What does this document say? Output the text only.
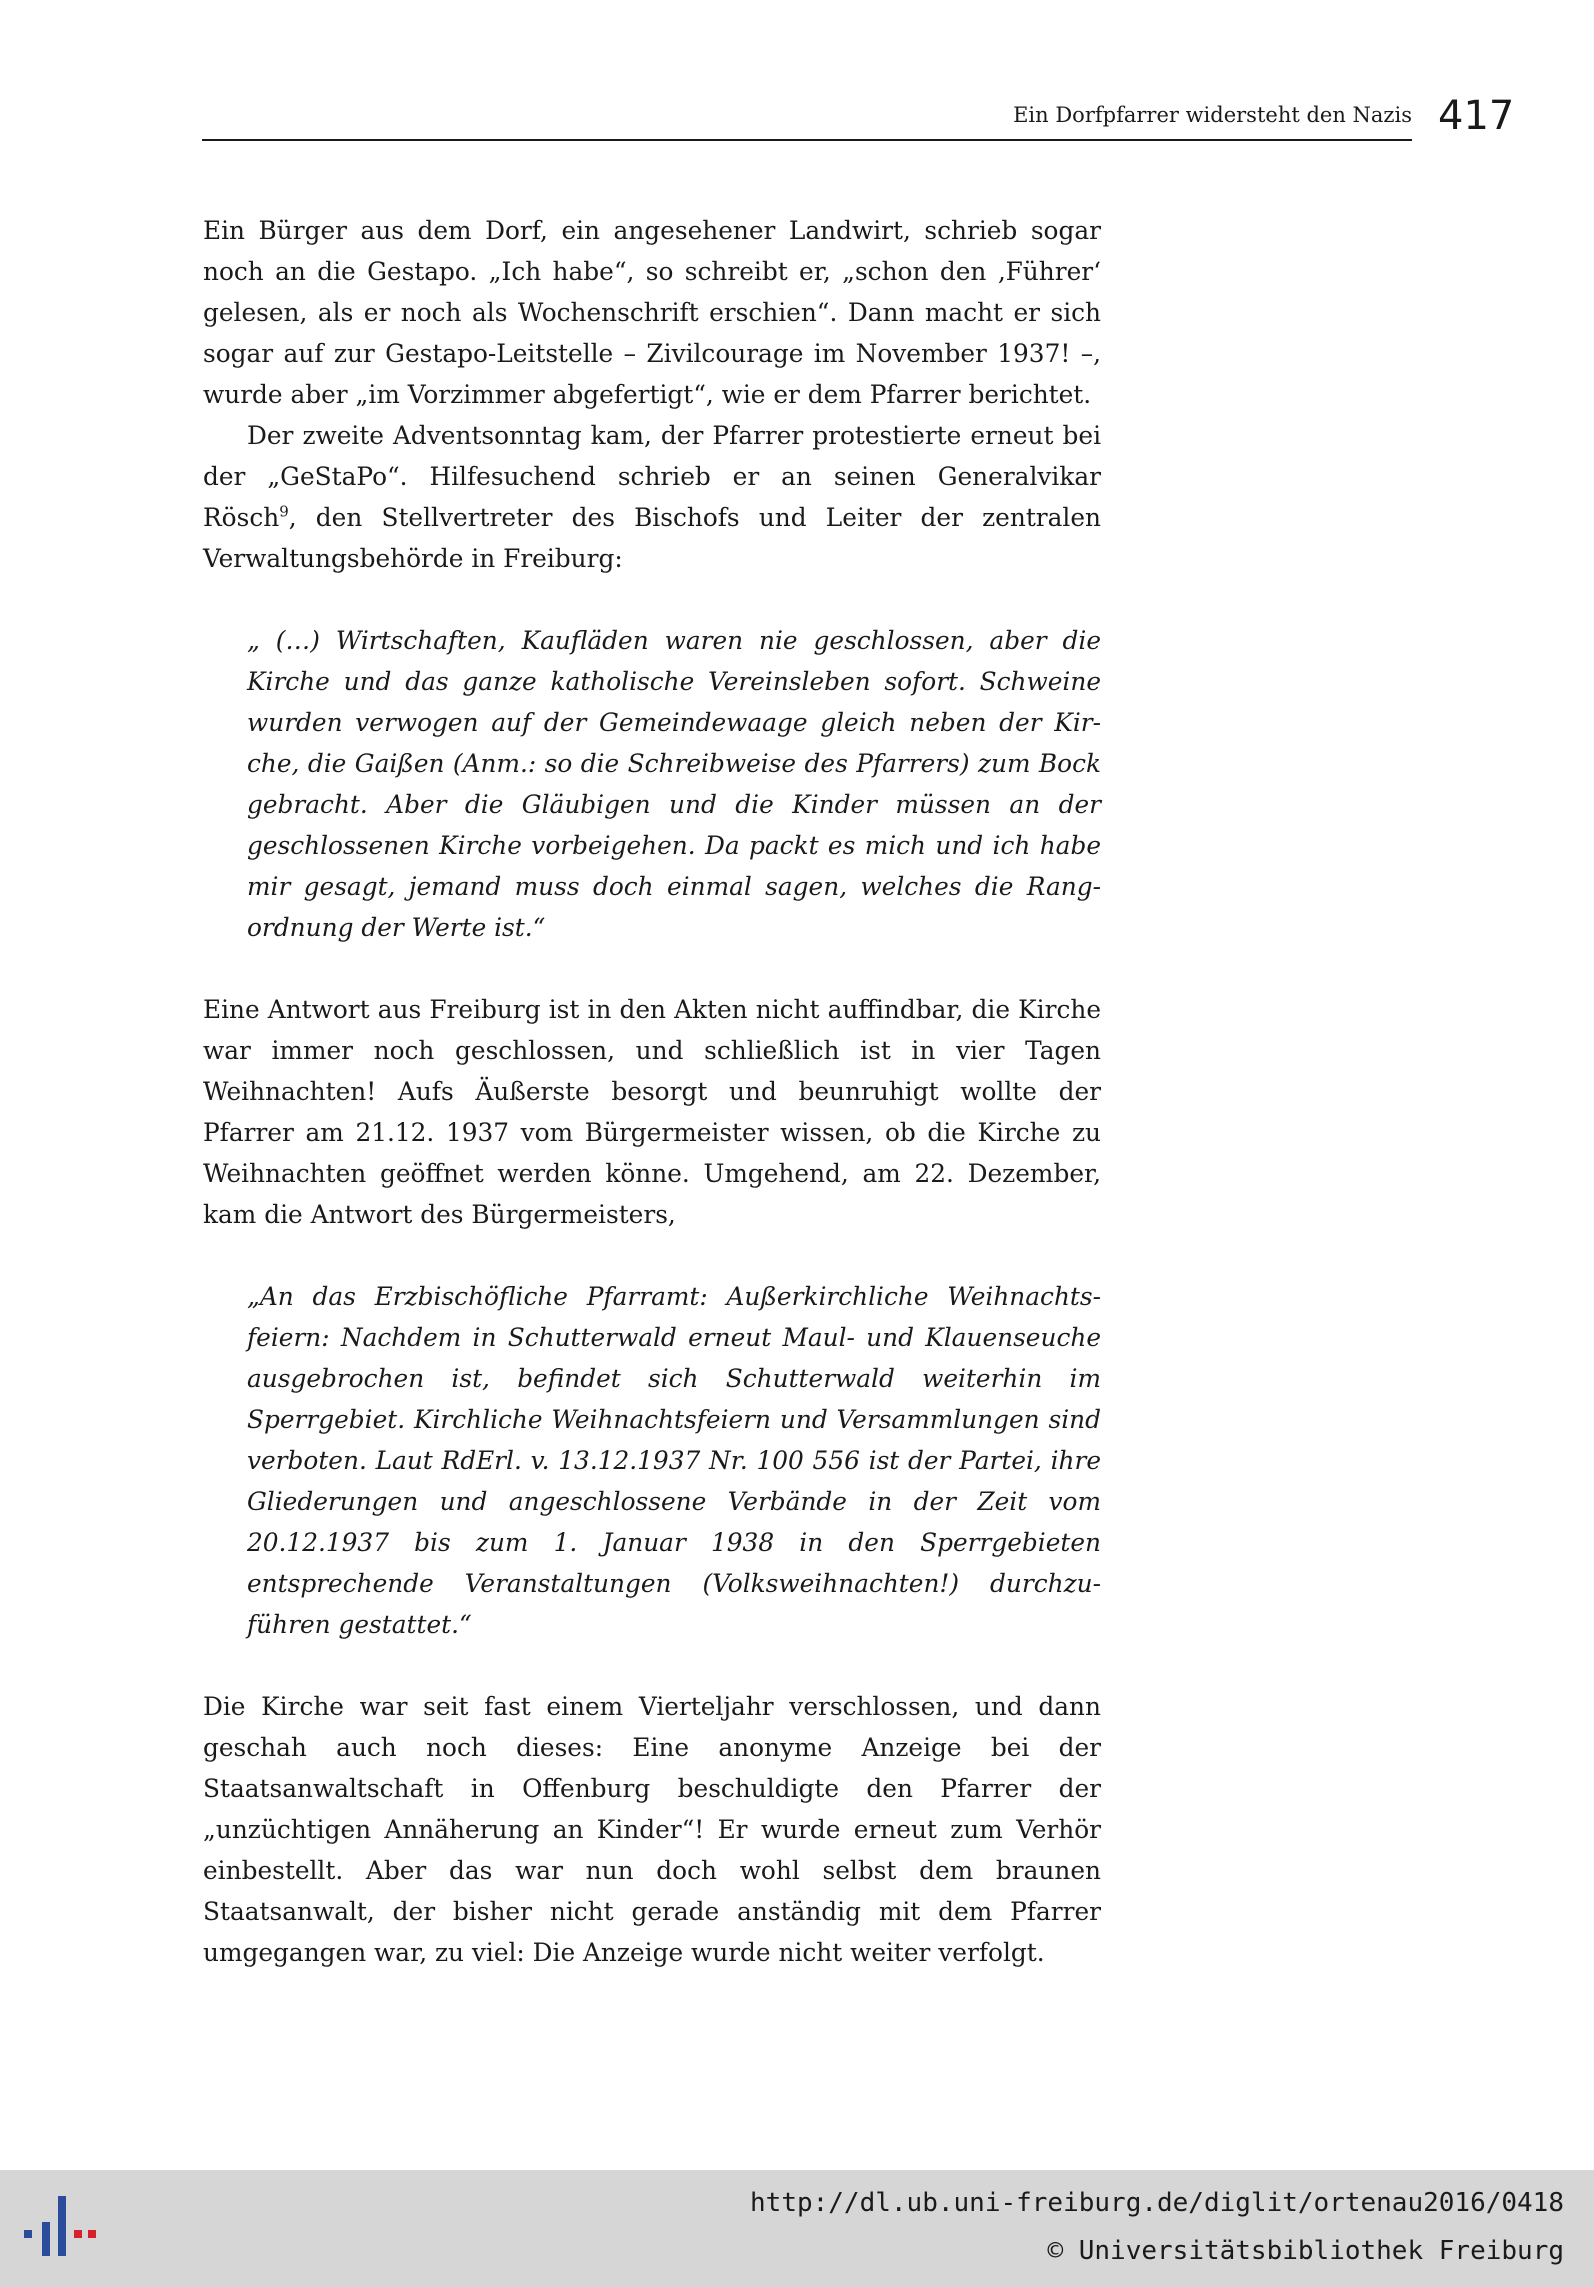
Ein Dorfpfarrer widersteht den Nazis 417

Ein Bürger aus dem Dorf, ein angesehener Landwirt, schrieb sogar noch an die Gestapo. „Ich habe“, so schreibt er, „schon den ‚Führer‘ gelesen, als er noch als Wochenschrift erschien“. Dann macht er sich sogar auf zur Gestapo-Leitstelle – Zivilcourage im November 1937! –, wurde aber „im Vorzimmer abgefertigt“, wie er dem Pfarrer berichtet.

Der zweite Adventsonntag kam, der Pfarrer protestierte erneut bei der „GeStaPo“. Hilfesuchend schrieb er an seinen Generalvikar Rösch$^9$, den Stellvertreter des Bischofs und Leiter der zentralen Verwaltungsbehörde in Freiburg:

„ (…) Wirtschaften, Kaufläden waren nie geschlossen, aber die Kirche und das ganze katholische Vereinsleben sofort. Schweine wurden verwogen auf der Gemeindewaage gleich neben der Kirche, die Gaißen (Anm.: so die Schreibweise des Pfarrers) zum Bock gebracht. Aber die Gläubigen und die Kinder müssen an der geschlossenen Kirche vorbeigehen. Da packt es mich und ich habe mir gesagt, jemand muss doch einmal sagen, welches die Rangordnung der Werte ist.“

Eine Antwort aus Freiburg ist in den Akten nicht auffindbar, die Kirche war immer noch geschlossen, und schließlich ist in vier Tagen Weihnachten! Aufs Äußerste besorgt und beunruhigt wollte der Pfarrer am 21.12. 1937 vom Bürgermeister wissen, ob die Kirche zu Weihnachten geöffnet werden könne. Umgehend, am 22. Dezember, kam die Antwort des Bürgermeisters,

„An das Erzbischöfliche Pfarramt: Außerkirchliche Weihnachtsfeiern: Nachdem in Schutterwald erneut Maul- und Klauenseuche ausgebrochen ist, befindet sich Schutterwald weiterhin im Sperrgebiet. Kirchliche Weihnachtsfeiern und Versammlungen sind verboten. Laut RdErl. v. 13.12.1937 Nr. 100 556 ist der Partei, ihre Gliederungen und angeschlossene Verbände in der Zeit vom 20.12.1937 bis zum 1. Januar 1938 in den Sperrgebieten entsprechende Veranstaltungen (Volksweihnachten!) durchzuführen gestattet.“

Die Kirche war seit fast einem Vierteljahr verschlossen, und dann geschah auch noch dieses: Eine anonyme Anzeige bei der Staatsanwaltschaft in Offenburg beschuldigte den Pfarrer der „unzüchtigen Annäherung an Kinder“! Er wurde erneut zum Verhör einbestellt. Aber das war nun doch wohl selbst dem braunen Staatsanwalt, der bisher nicht gerade anständig mit dem Pfarrer umgegangen war, zu viel: Die Anzeige wurde nicht weiter verfolgt.

http://dl.ub.uni-freiburg.de/diglit/ortenau2016/0418
© Universitätsbibliothek Freiburg
